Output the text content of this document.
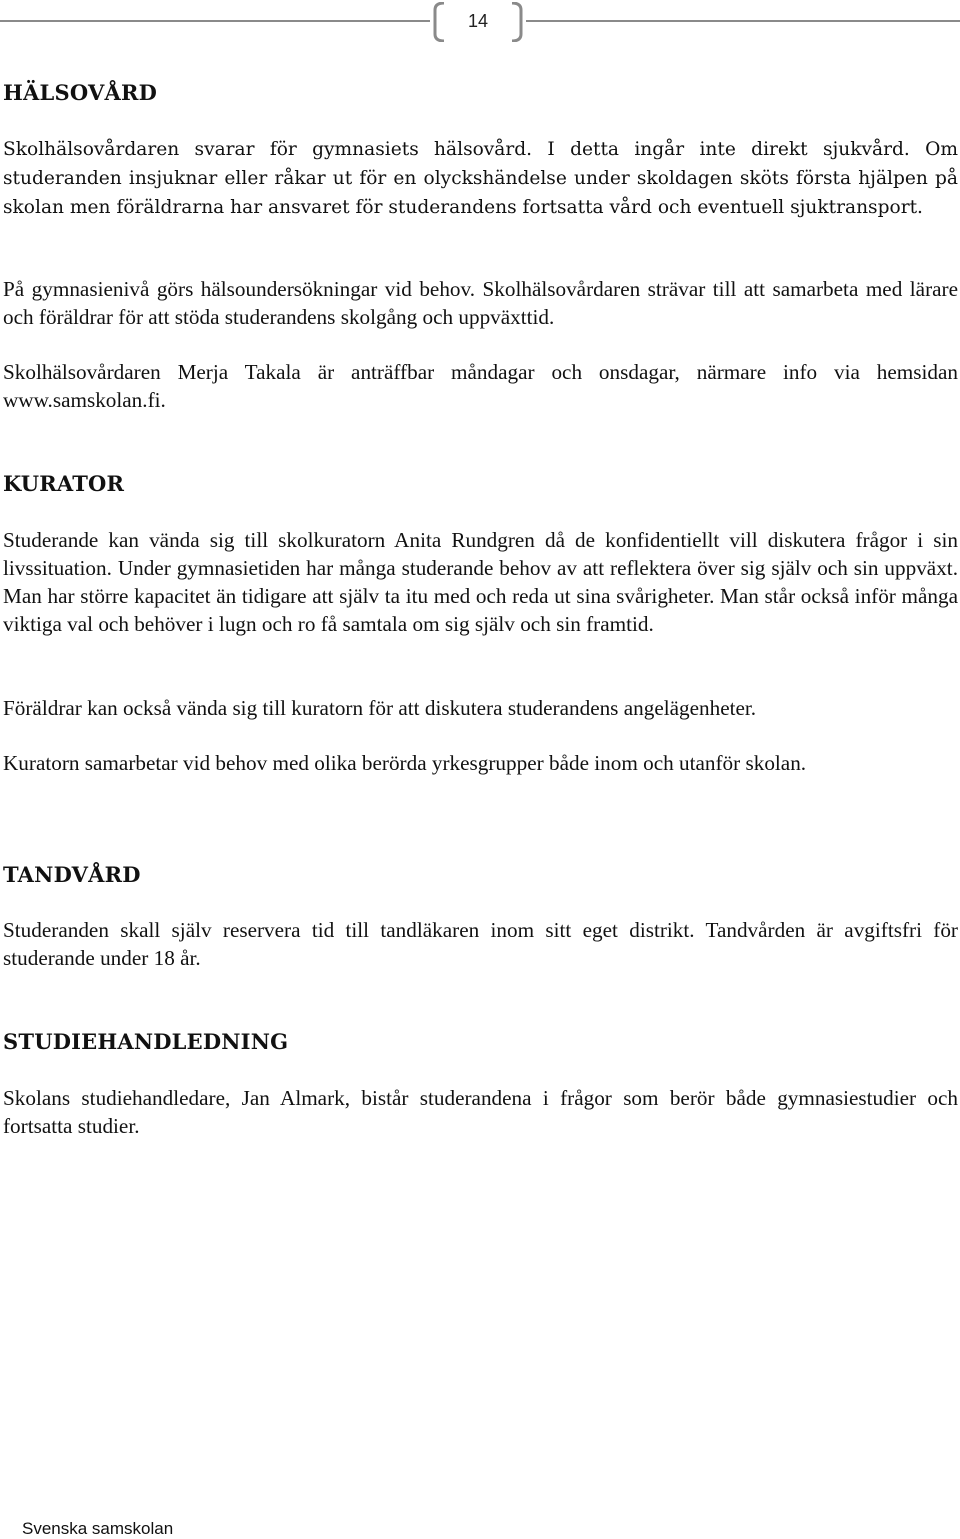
14
HÄLSOVÅRD

Skolhälsovårdaren svarar för gymnasiets hälsovård. I detta ingår inte direkt sjukvård. Om studeranden insjuknar eller råkar ut för en olyckshändelse under skoldagen sköts första hjälpen på skolan men föräldrarna har ansvaret för studerandens fortsatta vård och eventuell sjuktransport.

På gymnasienivå görs hälsoundersökningar vid behov. Skolhälsovårdaren strävar till att samarbeta med lärare och föräldrar för att stöda studerandens skolgång och uppväxttid.

Skolhälsovårdaren Merja Takala är anträffbar måndagar och onsdagar, närmare info via hemsidan www.samskolan.fi.

KURATOR

Studerande kan vända sig till skolkuratorn Anita Rundgren då de konfidentiellt vill diskutera frågor i sin livssituation. Under gymnasietiden har många studerande behov av att reflektera över sig själv och sin uppväxt. Man har större kapacitet än tidigare att själv ta itu med och reda ut sina svårigheter. Man står också inför många viktiga val och behöver i lugn och ro få samtala om sig själv och sin framtid.

Föräldrar kan också vända sig till kuratorn för att diskutera studerandens angelägenheter.

Kuratorn samarbetar vid behov med olika berörda yrkesgrupper både inom och utanför skolan.

TANDVÅRD

Studeranden skall själv reservera tid till tandläkaren inom sitt eget distrikt. Tandvården är avgiftsfri för studerande under 18 år.

STUDIEHANDLEDNING

Skolans studiehandledare, Jan Almark, bistår studerandena i frågor som berör både gymnasiestudier och fortsatta studier.

Svenska samskolan
